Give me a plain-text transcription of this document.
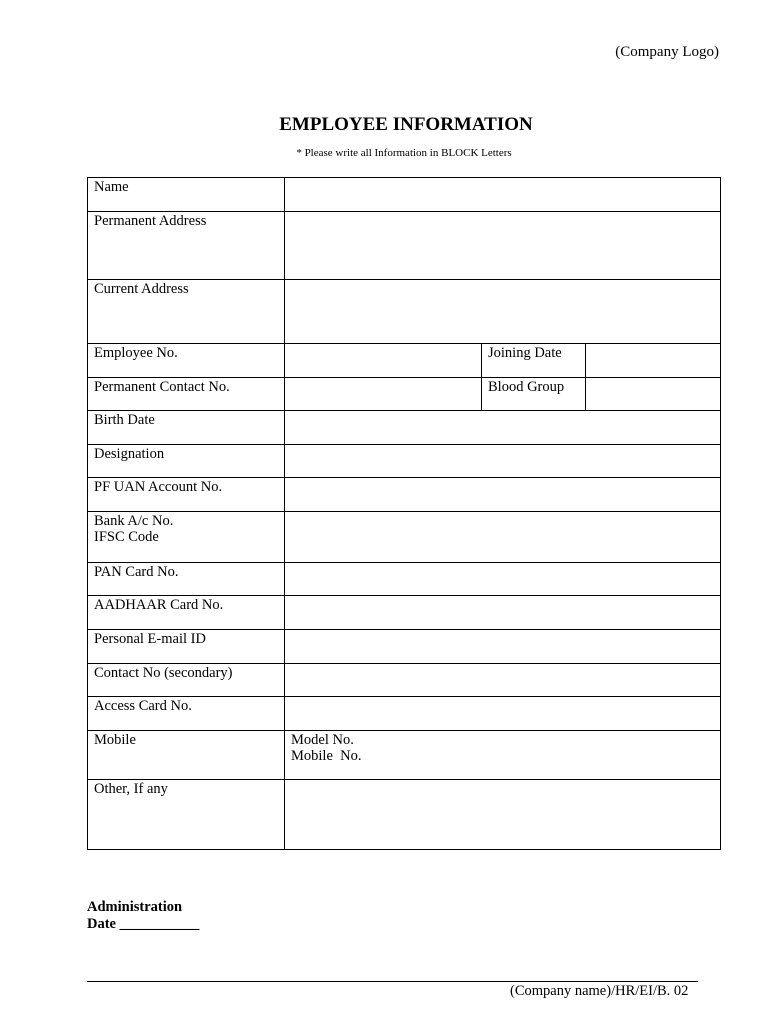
(Company Logo)
EMPLOYEE INFORMATION
* Please write all Information in BLOCK Letters
Name			

Permanent Address			

Current Address			

Employee No.		Joining Date	

Permanent Contact No.		Blood Group	

Birth Date			

Designation			

PF UAN Account No.			

Bank A/c No.
IFSC Code			

PAN Card No.			

AADHAAR Card No.			

Personal E-mail ID			

Contact No (secondary)			

Access Card No.			

Mobile	Model No.
Mobile  No.		

Other, If any			

Administration
Date ___________
(Company name)/HR/EI/B. 02
